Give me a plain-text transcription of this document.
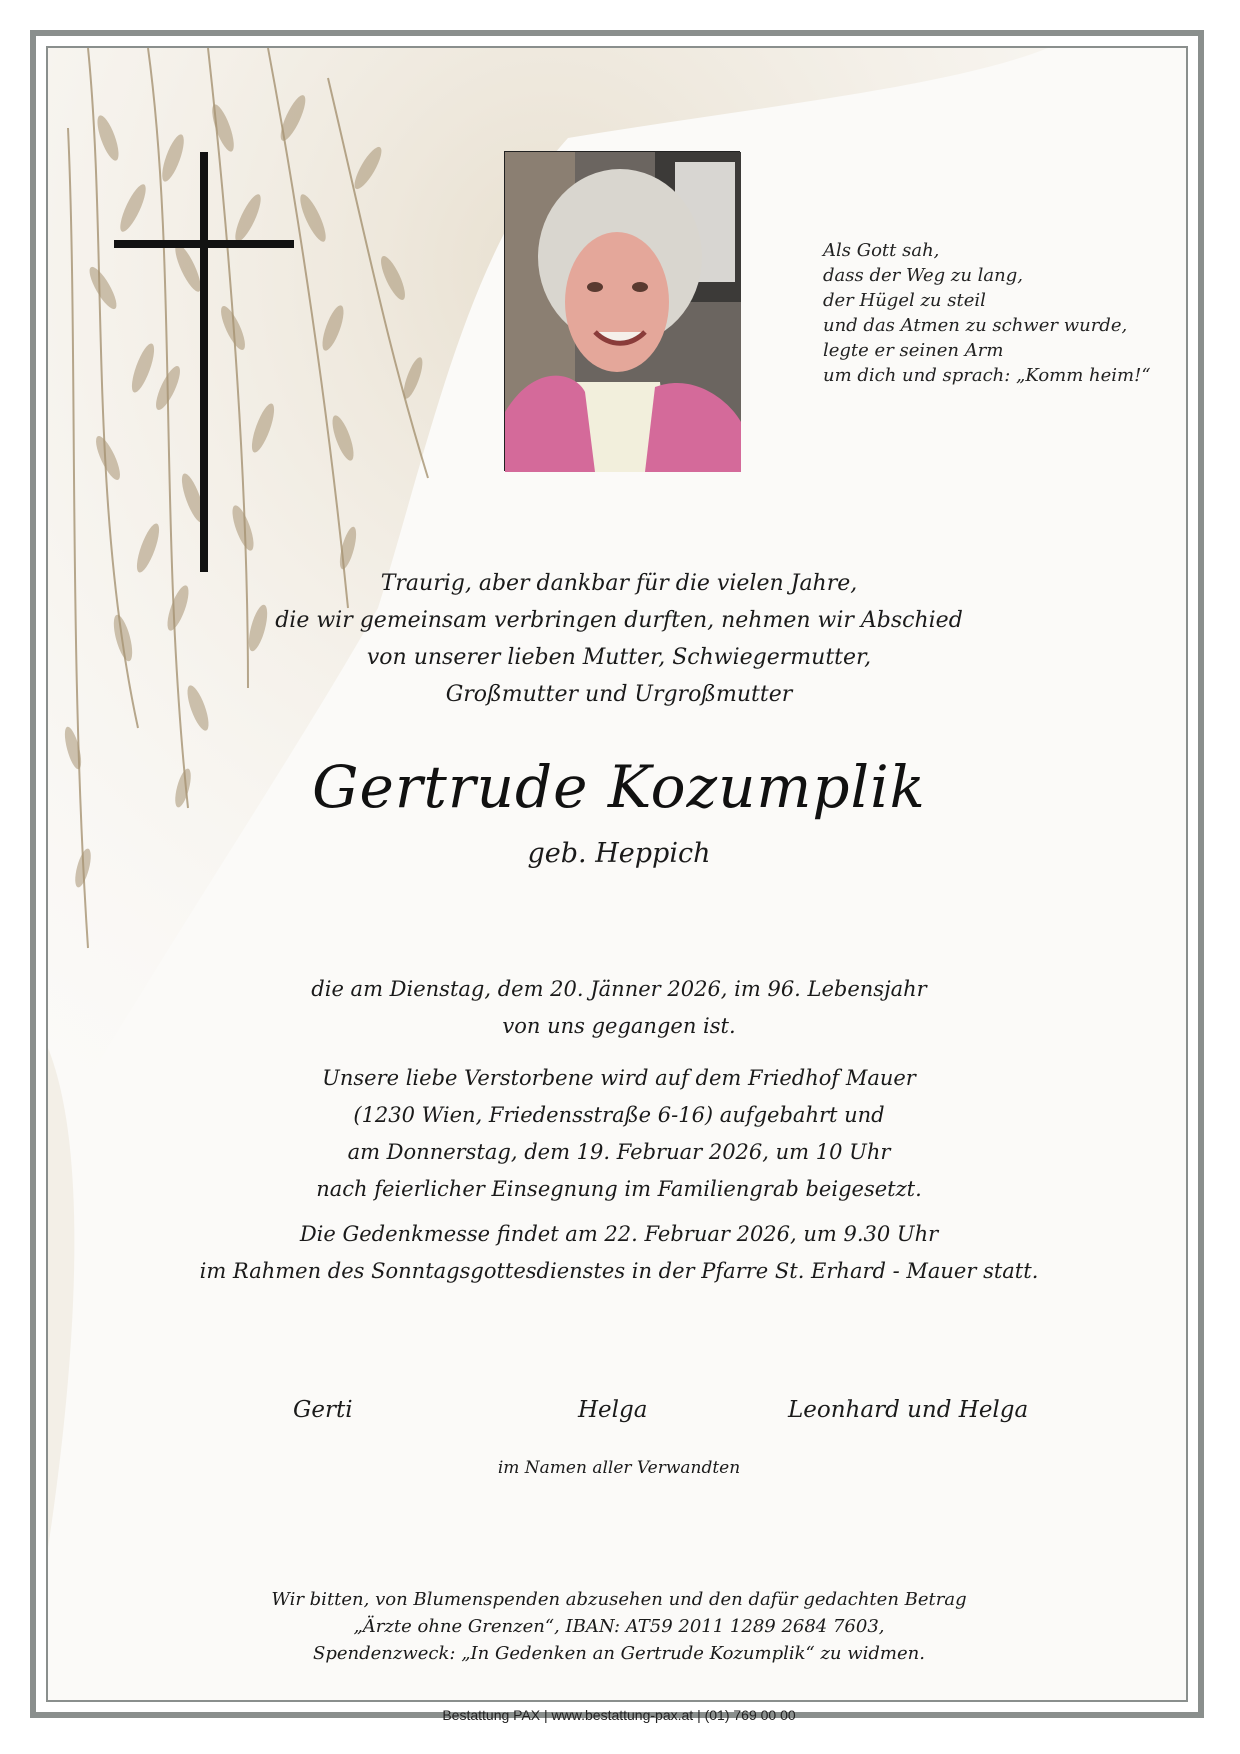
Als Gott sah,
dass der Weg zu lang,
der Hügel zu steil
und das Atmen zu schwer wurde,
legte er seinen Arm
um dich und sprach: „Komm heim!“
Traurig, aber dankbar für die vielen Jahre,
die wir gemeinsam verbringen durften, nehmen wir Abschied
von unserer lieben Mutter, Schwiegermutter,
Großmutter und Urgroßmutter
Gertrude Kozumplik
geb. Heppich
die am Dienstag, dem 20. Jänner 2026, im 96. Lebensjahr
von uns gegangen ist.
Unsere liebe Verstorbene wird auf dem Friedhof Mauer
(1230 Wien, Friedensstraße 6-16) aufgebahrt und
am Donnerstag, dem 19. Februar 2026, um 10 Uhr
nach feierlicher Einsegnung im Familiengrab beigesetzt.
Die Gedenkmesse findet am 22. Februar 2026, um 9.30 Uhr
im Rahmen des Sonntagsgottesdienstes in der Pfarre St. Erhard - Mauer statt.
Gerti	Helga	Leonhard und Helga
im Namen aller Verwandten
Wir bitten, von Blumenspenden abzusehen und den dafür gedachten Betrag
„Ärzte ohne Grenzen“, IBAN: AT59 2011 1289 2684 7603,
Spendenzweck: „In Gedenken an Gertrude Kozumplik“ zu widmen.
Bestattung PAX | www.bestattung-pax.at | (01) 769 00 00
